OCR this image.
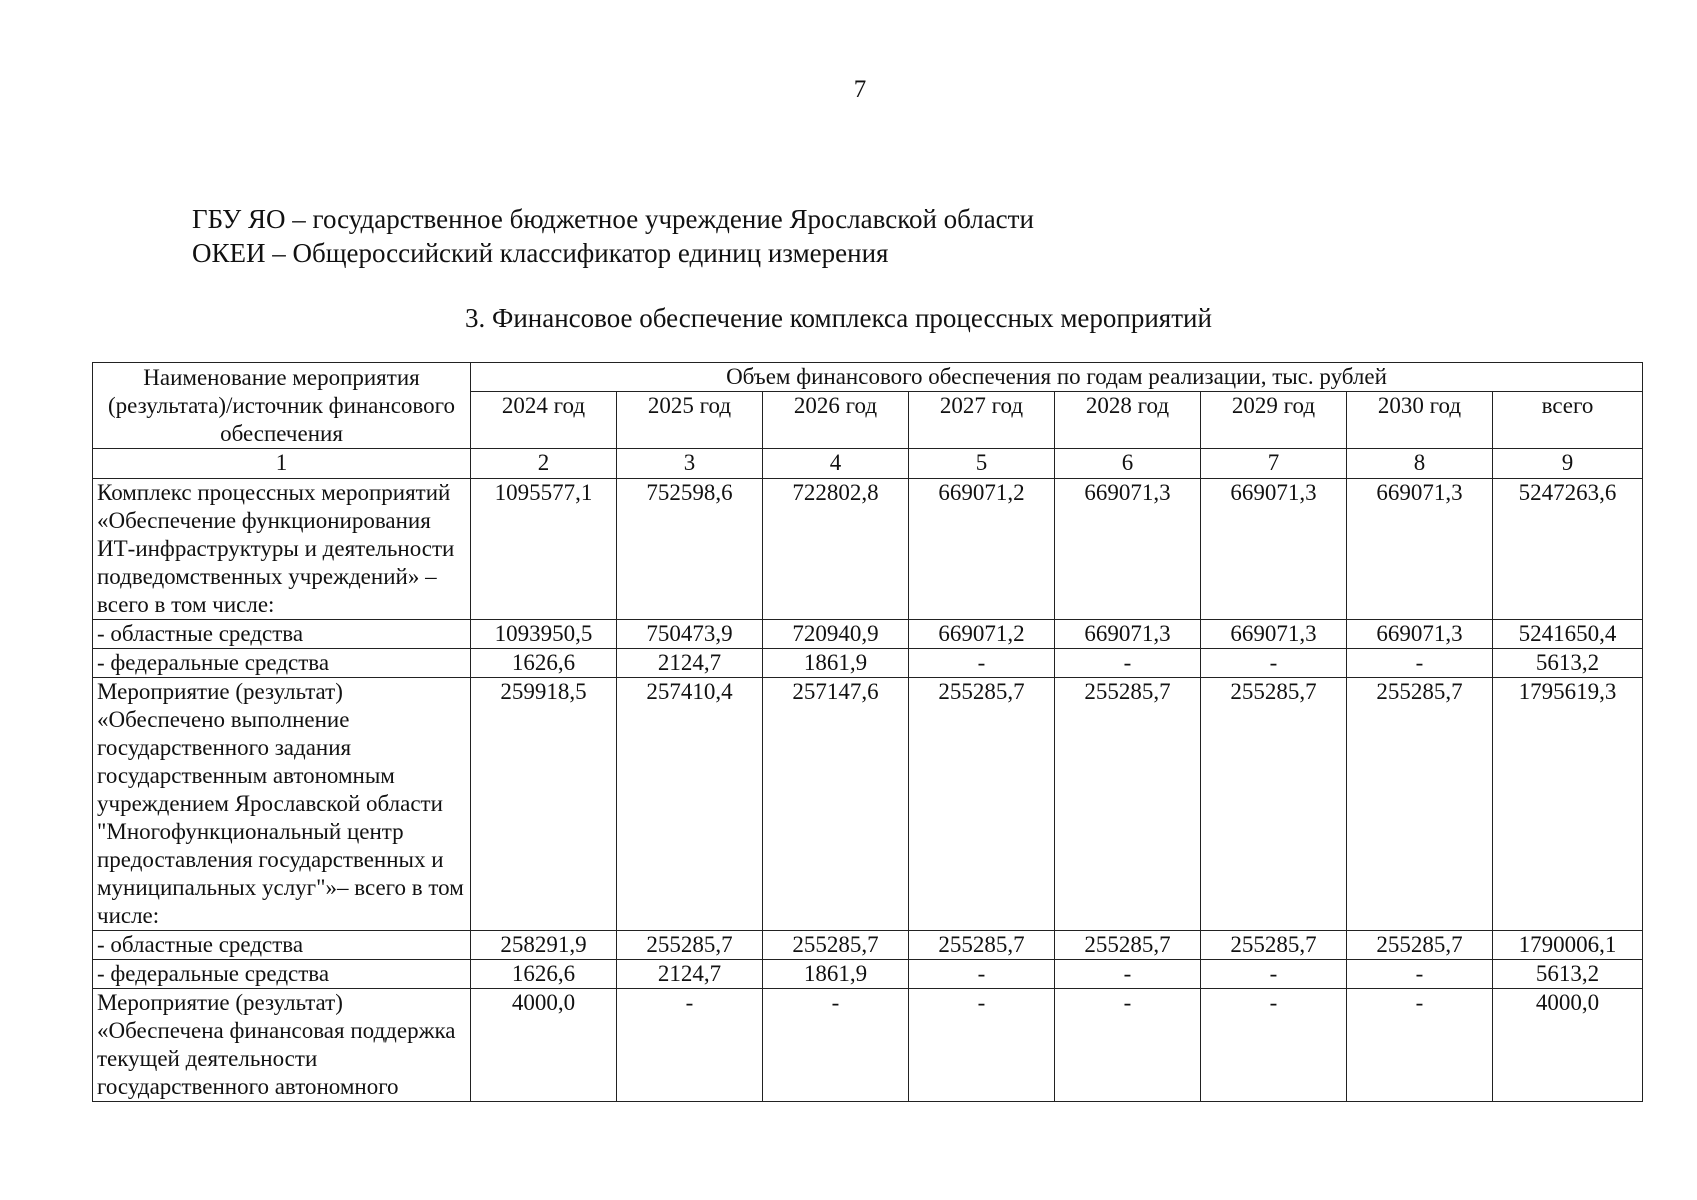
7
ГБУ ЯО – государственное бюджетное учреждение Ярославской области
ОКЕИ – Общероссийский классификатор единиц измерения
3. Финансовое обеспечение комплекса процессных мероприятий
Наименование мероприятия (результата)/источник финансового обеспечения	Объем финансового обеспечения по годам реализации, тыс. рублей							
	2024 год	2025 год	2026 год	2027 год	2028 год	2029 год	2030 год	всего
1	2	3	4	5	6	7	8	9
Комплекс процессных мероприятий «Обеспечение функционирования ИТ-инфраструктуры и деятельности подведомственных учреждений» – всего в том числе:	1095577,1	752598,6	722802,8	669071,2	669071,3	669071,3	669071,3	5247263,6
- областные средства	1093950,5	750473,9	720940,9	669071,2	669071,3	669071,3	669071,3	5241650,4
- федеральные средства	1626,6	2124,7	1861,9	-	-	-	-	5613,2
Мероприятие (результат) «Обеспечено выполнение государственного задания государственным автономным учреждением Ярославской области "Многофункциональный центр предоставления государственных и муниципальных услуг"»– всего в том числе:	259918,5	257410,4	257147,6	255285,7	255285,7	255285,7	255285,7	1795619,3
- областные средства	258291,9	255285,7	255285,7	255285,7	255285,7	255285,7	255285,7	1790006,1
- федеральные средства	1626,6	2124,7	1861,9	-	-	-	-	5613,2
Мероприятие (результат) «Обеспечена финансовая поддержка текущей деятельности государственного автономного	4000,0	-	-	-	-	-	-	4000,0
